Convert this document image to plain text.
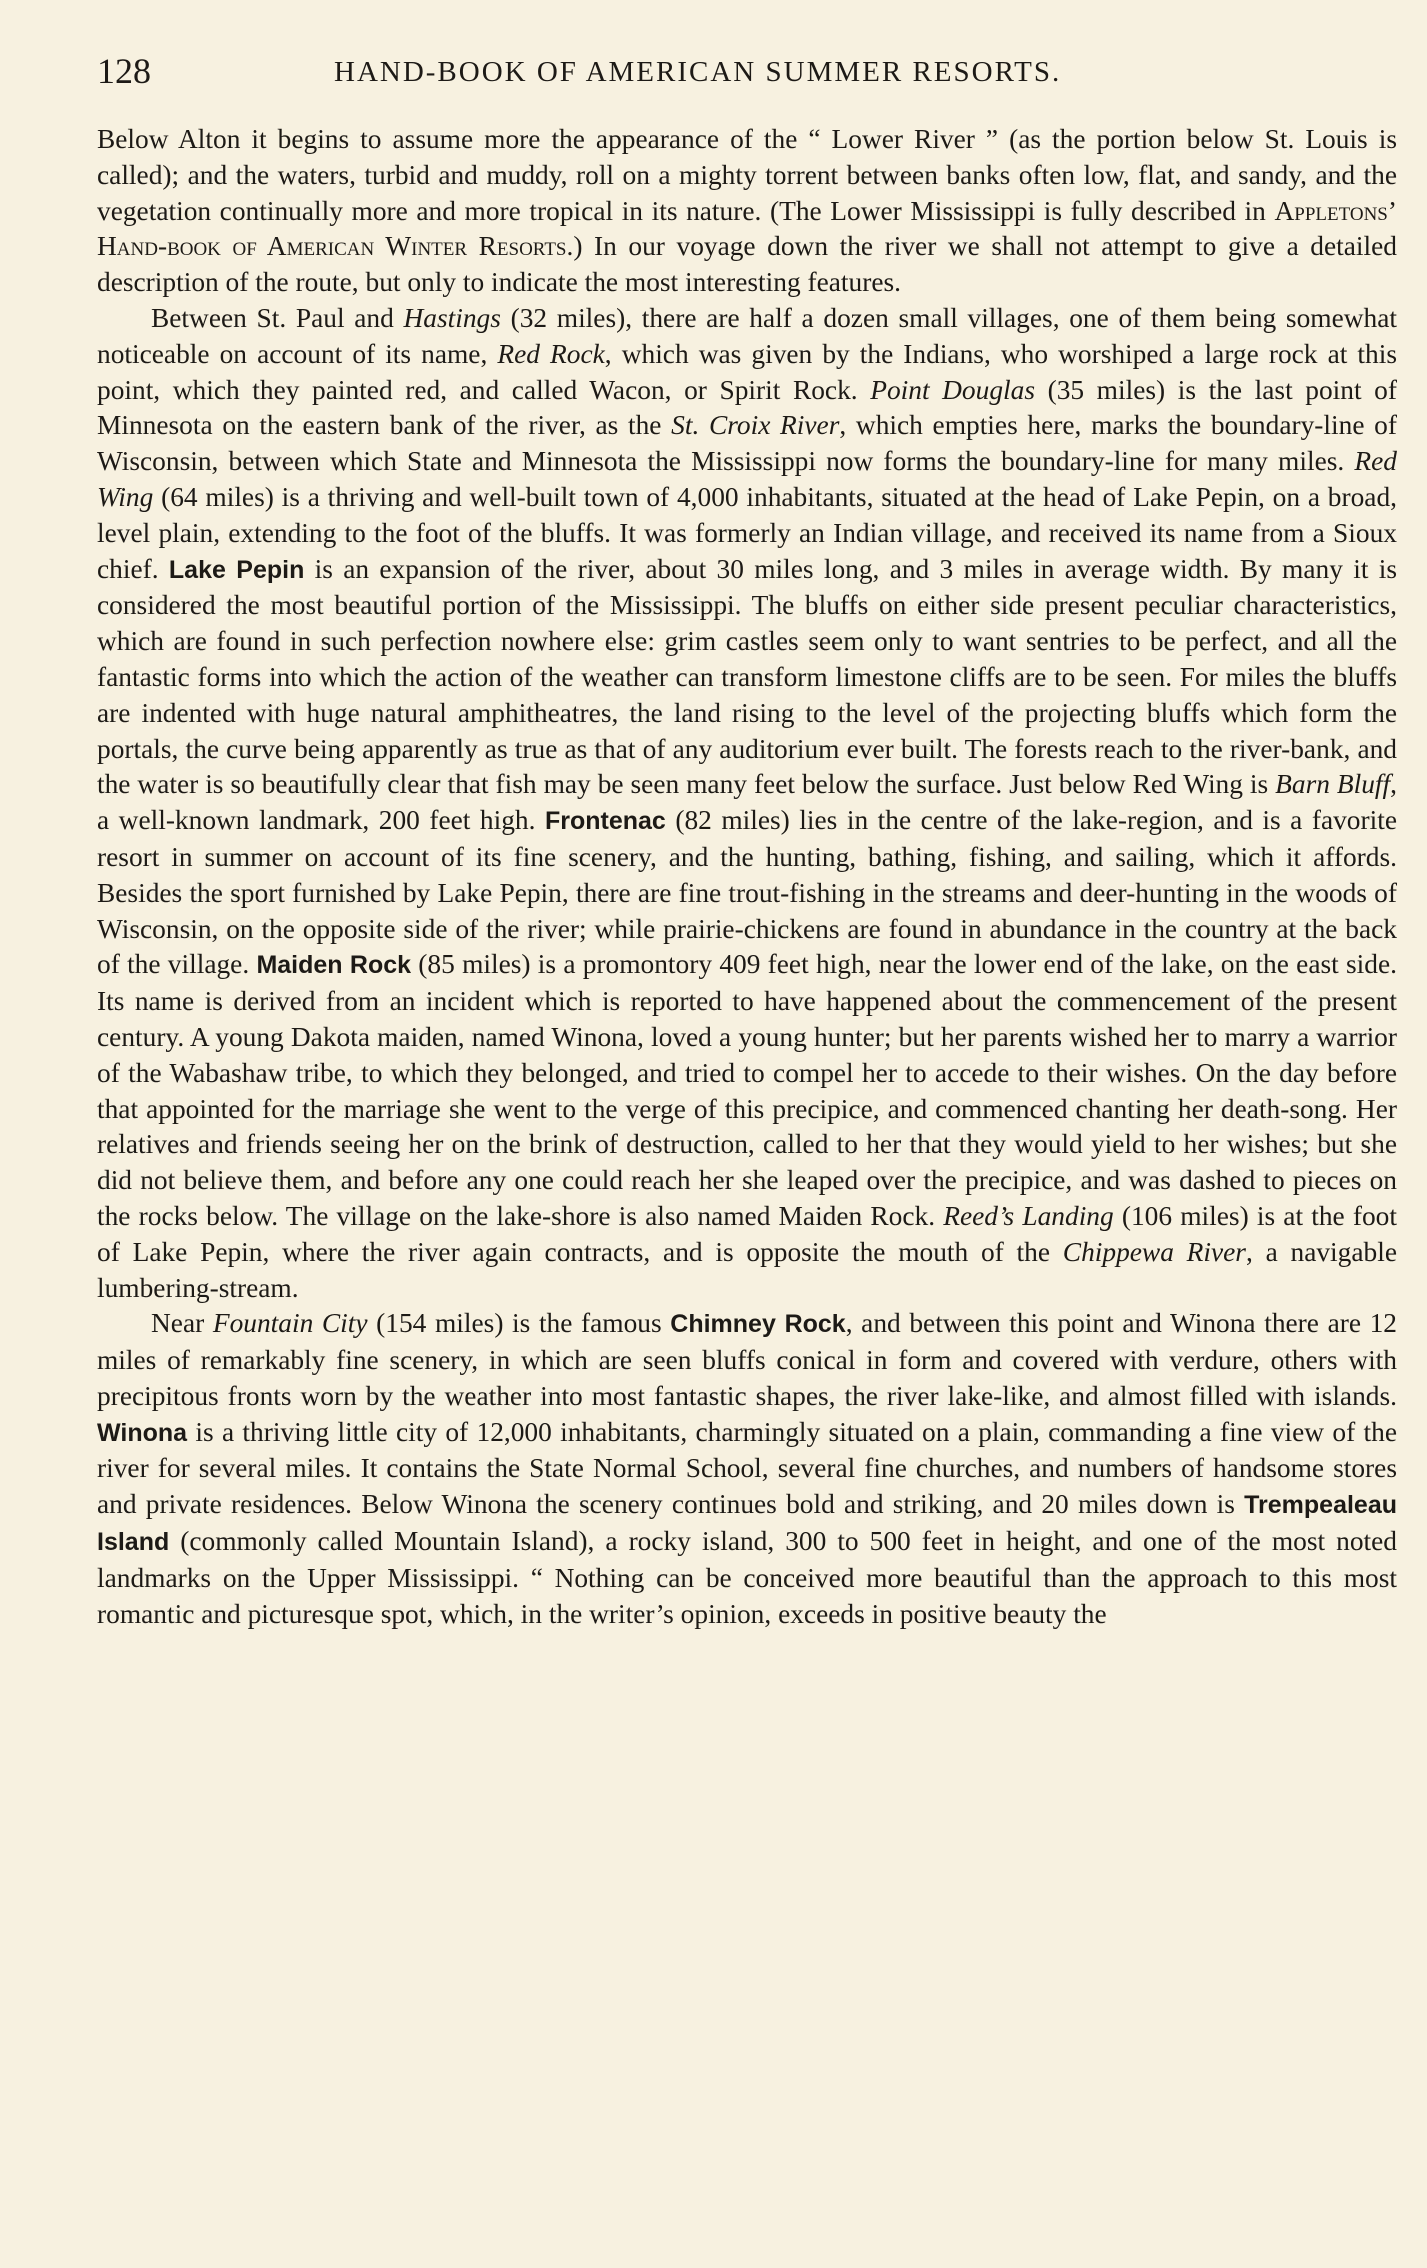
128	HAND-BOOK OF AMERICAN SUMMER RESORTS.

Below Alton it begins to assume more the appearance of the “ Lower River ” (as the portion below St. Louis is called); and the waters, turbid and muddy, roll on a mighty torrent between banks often low, flat, and sandy, and the vegetation continually more and more tropical in its nature. (The Lower Mississippi is fully described in Appletons’ Hand-book of American Winter Resorts.) In our voyage down the river we shall not attempt to give a detailed description of the route, but only to indicate the most interesting features.

Between St. Paul and Hastings (32 miles), there are half a dozen small villages, one of them being somewhat noticeable on account of its name, Red Rock, which was given by the Indians, who worshiped a large rock at this point, which they painted red, and called Wacon, or Spirit Rock. Point Douglas (35 miles) is the last point of Minnesota on the eastern bank of the river, as the St. Croix River, which empties here, marks the boundary-line of Wisconsin, between which State and Minnesota the Mississippi now forms the boundary-line for many miles. Red Wing (64 miles) is a thriving and well-built town of 4,000 inhabitants, situated at the head of Lake Pepin, on a broad, level plain, extending to the foot of the bluffs. It was formerly an Indian village, and received its name from a Sioux chief. Lake Pepin is an expansion of the river, about 30 miles long, and 3 miles in average width. By many it is considered the most beautiful portion of the Mississippi. The bluffs on either side present peculiar characteristics, which are found in such perfection nowhere else: grim castles seem only to want sentries to be perfect, and all the fantastic forms into which the action of the weather can transform limestone cliffs are to be seen. For miles the bluffs are indented with huge natural amphitheatres, the land rising to the level of the projecting bluffs which form the portals, the curve being apparently as true as that of any auditorium ever built. The forests reach to the river-bank, and the water is so beautifully clear that fish may be seen many feet below the surface. Just below Red Wing is Barn Bluff, a well-known landmark, 200 feet high. Frontenac (82 miles) lies in the centre of the lake-region, and is a favorite resort in summer on account of its fine scenery, and the hunting, bathing, fishing, and sailing, which it affords. Besides the sport furnished by Lake Pepin, there are fine trout-fishing in the streams and deer-hunting in the woods of Wisconsin, on the opposite side of the river; while prairie-chickens are found in abundance in the country at the back of the village. Maiden Rock (85 miles) is a promontory 409 feet high, near the lower end of the lake, on the east side. Its name is derived from an incident which is reported to have happened about the commencement of the present century. A young Dakota maiden, named Winona, loved a young hunter; but her parents wished her to marry a warrior of the Wabashaw tribe, to which they belonged, and tried to compel her to accede to their wishes. On the day before that appointed for the marriage she went to the verge of this precipice, and commenced chanting her death-song. Her relatives and friends seeing her on the brink of destruction, called to her that they would yield to her wishes; but she did not believe them, and before any one could reach her she leaped over the precipice, and was dashed to pieces on the rocks below. The village on the lake-shore is also named Maiden Rock. Reed’s Landing (106 miles) is at the foot of Lake Pepin, where the river again contracts, and is opposite the mouth of the Chippewa River, a navigable lumbering-stream.

Near Fountain City (154 miles) is the famous Chimney Rock, and between this point and Winona there are 12 miles of remarkably fine scenery, in which are seen bluffs conical in form and covered with verdure, others with precipitous fronts worn by the weather into most fantastic shapes, the river lake-like, and almost filled with islands. Winona is a thriving little city of 12,000 inhabitants, charmingly situated on a plain, commanding a fine view of the river for several miles. It contains the State Normal School, several fine churches, and numbers of handsome stores and private residences. Below Winona the scenery continues bold and striking, and 20 miles down is Trempealeau Island (commonly called Mountain Island), a rocky island, 300 to 500 feet in height, and one of the most noted landmarks on the Upper Mississippi. “ Nothing can be conceived more beautiful than the approach to this most romantic and picturesque spot, which, in the writer’s opinion, exceeds in positive beauty the
